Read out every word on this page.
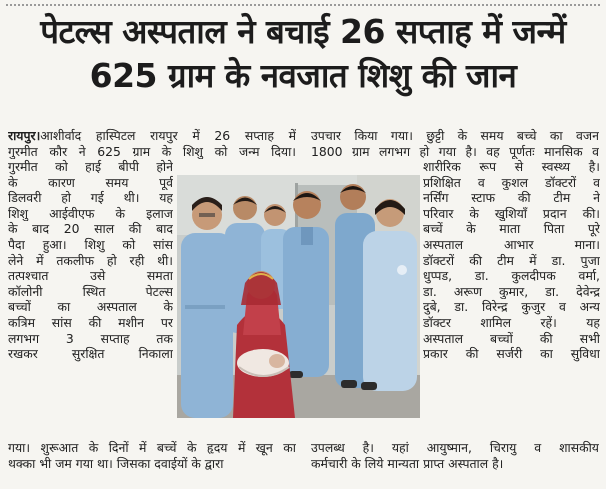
पेटल्स अस्पताल ने बचाई 26 सप्ताह में जन्में
625 ग्राम के नवजात शिशु की जान
रायपुर।आशीर्वाद हास्पिटल रायपुर में 26 सप्ताह में
गुरमीत कौर ने 625 ग्राम के शिशु को जन्म दिया।
उपचार किया गया। छुट्टी के समय बच्चे का वजन
1800 ग्राम लगभग हो गया है। वह पूर्णतः मानसिक व
गुरमीत को हाई बीपी होने
के कारण समय पूर्व
डिलवरी हो गई थी। यह
शिशु आईवीएफ के इलाज
के बाद 20 साल की बाद
पैदा हुआ। शिशु को सांस
लेने में तकलीफ हो रही थी।
तत्पश्चात उसे समता
कॉलोनी स्थित पेटल्स
बच्चों का अस्पताल के
कत्रिम सांस की मशीन पर
लगभग 3 सप्ताह तक
रखकर सुरक्षित निकाला
शारीरिक रूप से स्वस्थ्य है।
प्रशिक्षित व कुशल डॉक्टरों व
नर्सिंग स्टाफ की टीम ने
परिवार के खुशियाँ प्रदान की।
बच्चें के माता पिता पूरे
अस्पताल आभार माना।
डॉक्टरों की टीम में डा. पुजा
धुप्पड, डा. कुलदीपक वर्मा,
डा. अरूण कुमार, डा. देवेन्द्र
दुबे, डा. विरेन्द्र कुजुर व अन्य
डॉक्टर शामिल रहें। यह
अस्पताल बच्चों की सभी
प्रकार की सर्जरी का सुविधा
गया। शुरूआत के दिनों में बच्चें के हृदय में खून का
थक्का भी जम गया था। जिसका दवाईयों के द्वारा
उपलब्ध है। यहां आयुष्मान, चिरायु व शासकीय
कर्मचारी के लिये मान्यता प्राप्त अस्पताल है।
